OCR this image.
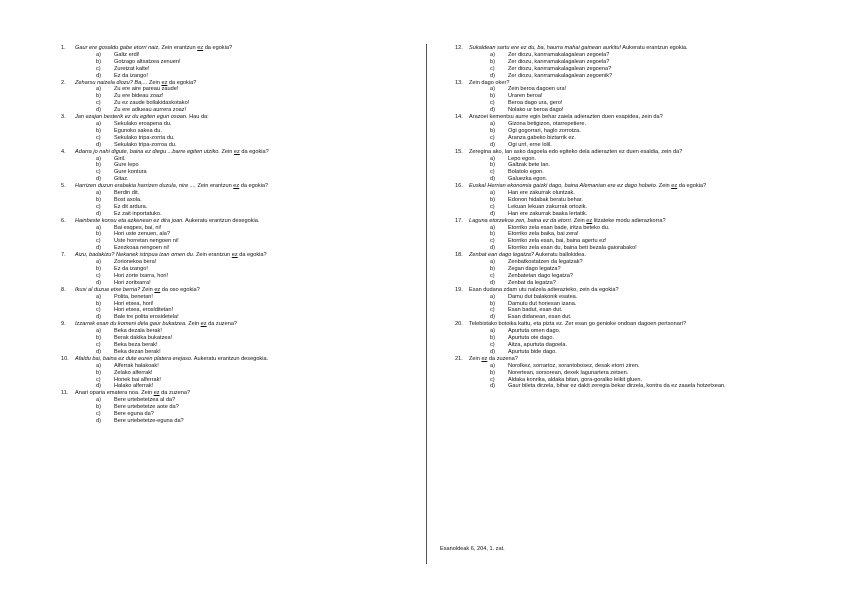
1. Gaur ere gosaldu gabe etorri naiz. Zein erantzun ez da egokia?
a) Galtz erdi!
b) Gotzago altxatzea zenuen!
c) Zuretzat kalte!
d) Ez da izango!
2. Zeharsu naizela diozu? Ba,... Zein ez da egokia?
a) Zu ere aire pareau zaude!
b) Zu ere bideau zoaz!
c) Zu ez zaude bollakidaskotako!
d) Zu ere adiueau aurrera zoaz!
3. Jan ezajan besterik ez du egiten egun osoan. Hau da:
a) Sekulako eroapena du.
b) Egunoko sakea du.
c) Sekulako tripa-zorria du.
d) Sekulako tripa-zorroa du.
4. Adarra jo nahi digute, baina ez diegu ...barre egiten utziko. Zein ez da egokia?
a) Giril.
b) Gure lepo
c) Gure kontura
d) Gitaz.
5. Harrizen duzun erabakia harrizen duzula, nire .... Zein erantzun ez da egokia?
a) Berdin dit.
b) Bost axola.
c) Ez dit ardura.
d) Ez zait inportatuko.
6. Hainbeste konsu eta azkenean ez dira joan. Aukeratu erantzun desegokia.
a) Bai esqpes, bai, ni!
b) Hori uste zenuen, ala?
c) Uste horretan nengoen ni!
d) Ezezkoaa nengoen ni!
7. Aizu, badakizu? Nekanek istripua izan omen du. Zein erantzun ez da egokia?
a) Zorionekoa bera!
b) Ez da izango!
c) Hori zorte txarra, hori!
d) Hori zoritxarra!
8. Ikusi al duzue etxe berria? Zein ez da oso egokia?
a) Polita, benetan!
b) Hori etxea, hori!
c) Hori etxea, eroslditetan!
d) Bale tre polita erosidetela!
9. Izzarrek esan du komeni dela gaur bukatzea. Zein ez da zuzena?
a) Beka dezala berak!
b) Berak dakika bukatzea!
c) Beka beza berak!
d) Beka dezan berak!
10. Afaldu bai, baina ez dute euren platera erejaso. Aukeratu erantzun desegokia.
a) Alferrak halakoak!
b) Zelako alferrak!
c) Horiek bai alferrak!
d) Halako alferrak!
11. Anari oparia ematera noa. Zein ez da zuzena?
a) Bere urtebetetzea al da?
b) Bere urtebetetze aote da?
c) Bere eguna da?
d) Bere urtebetetze-eguna da?
12. Sukaldean sartu ere ez du, ba, haurra mahai gainean aurkitu! Aukeratu erantzun egokia.
a) Zer diozu, kanrramakalagalean zegoela?
b) Zer diozu, kanrramakalagalean zegoela?
c) Zer diozu, kanrramakalagalean zegoena?
d) Zer diozu, kanrramakalagalean zegoenik?
13. Zein dago oker?
a) Zein beroa dagoen ura!
b) Uraren beroa!
c) Beroa dago ura, gero!
d) Nolako ur beroa dago!
14. Arazoei kementsu aurre egin behar zaiela adierazten duen esapidea, zein da?
a) Gizona betigizon, otarrepetiere.
b) Ogi gogorrari, haglo zorrotza.
c) Aranza gabeko biztarrik ez.
d) Ogi urrl, erne lolil.
15. Zeregina ako, lan asko dagoela edo egiteko dela adierazten ez duen esaldia, zein da?
a) Lepo egon.
b) Galtzak bete lan.
c) Bolatolo egon.
d) Galuezka egon.
16. Euskal Herrian ekonomia gaizki dago, baina Alemanian ere ez dago hobeto. Zein ez da egokia?
a) Han ere zakurrak oluntzak.
b) Edonon hidabak beratu behar.
c) Lekuan lekuan zakurrak ortozik.
d) Han ere zakurrak baaka lertatik.
17. Laguna etorzekoa zen, baina ez da etorri. Zein ez litzateke modu adierazkorra?
a) Etorriko zela esan bade, iritza beteko du.
b) Etorriko zela baika, bai zera!
c) Etorriko zela esan, bai, baina agertu ez!
d) Etorriko zela esan du, baina beti bezala gaiorabako!
18. Zenbat ean dago legatza? Aukeratu ballokidea.
a) Zenbatkostatzen da legatzak?
b) Zegan dago legatza?
c) Zenbatetan dago legatza?
d) Zenbat da legatza?
19. Esan dudana zdam utu nalzela adierazteko, zein da egokia?
a) Damu dut balakonik esatea.
b) Damutu dut horiesan izana.
c) Esan badut, esan dut.
d) Esan didanean, esan dut.
20. Telebistako botoika kattu, eta pizta ez. Zer esan go genioke ondoan dagoen pertsonari?
a) Apurtuta omen dago.
b) Apurtuta ote dago.
c) Aitza, apurtuta dagoela.
d) Apurtuta bide dago.
21. Zein ez da zuzena?
a) Norolkez, sorrartoz, sorantobosez, desak etorri ziren.
b) Norertean, sorsorean, dexek lagunartera zetsen.
c) Aldaka konrika, aldaka bitan, gora-goralko leikit gluen.
d) Gaur bileta dirzela, bihar ez dakit zeregia bekar dirzela, kontra da ez zaaela hotzetxean.
Esanoldeak 6, 204, 1. zat.
